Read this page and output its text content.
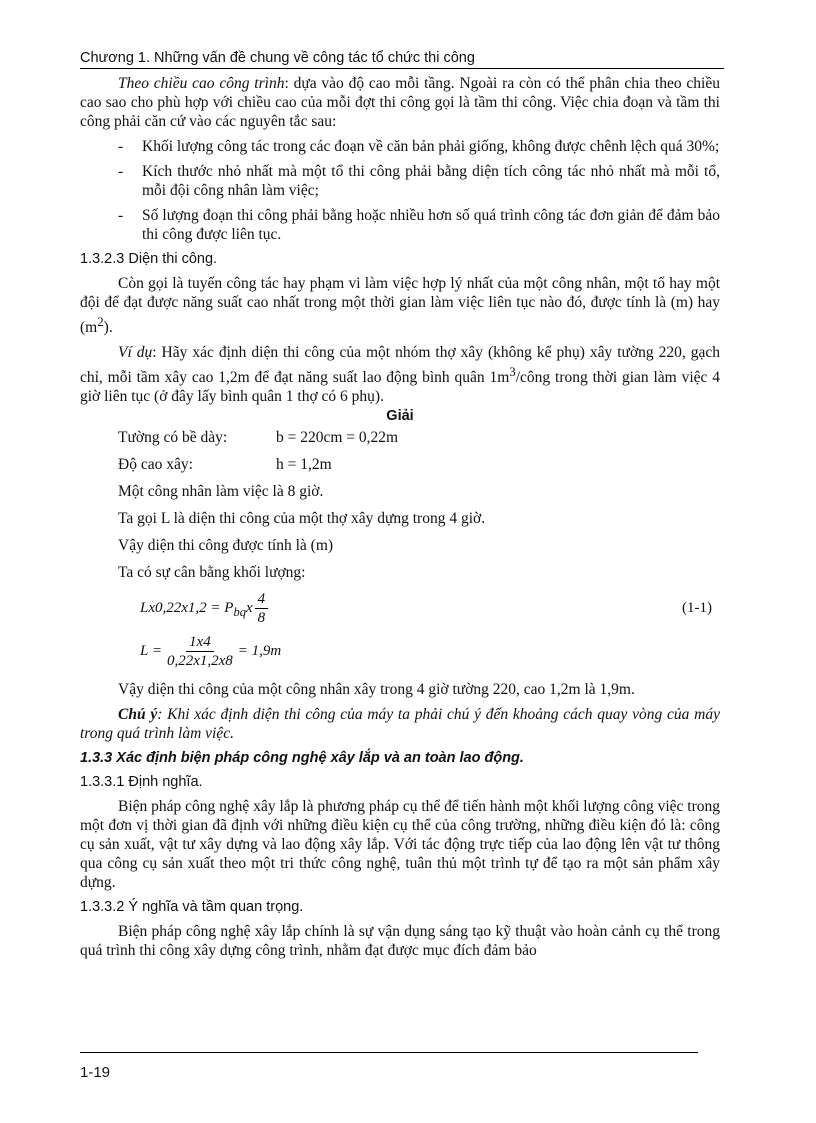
Chương 1. Những vấn đề chung về công tác tổ chức thi công

Theo chiều cao công trình: dựa vào độ cao mỗi tầng. Ngoài ra còn có thể phân chia theo chiều cao sao cho phù hợp với chiều cao của mỗi đợt thi công gọi là tầm thi công. Việc chia đoạn và tầm thi công phải căn cứ vào các nguyên tắc sau:

-	Khối lượng công tác trong các đoạn về căn bản phải giống, không được chênh lệch quá 30%;
-	Kích thước nhỏ nhất mà một tổ thi công phải bằng diện tích công tác nhỏ nhất mà mỗi tổ, mỗi đội công nhân làm việc;
-	Số lượng đoạn thi công phải bằng hoặc nhiều hơn số quá trình công tác đơn giản để đảm bảo thi công được liên tục.
1.3.2.3 Diện thi công.

Còn gọi là tuyến công tác hay phạm vi làm việc hợp lý nhất của một công nhân, một tổ hay một đội để đạt được năng suất cao nhất trong một thời gian làm việc liên tục nào đó, được tính là (m) hay $(m^2)$.

Ví dụ: Hãy xác định diện thi công của một nhóm thợ xây (không kể phụ) xây tường 220, gạch chỉ, mỗi tầm xây cao 1,2m để đạt năng suất lao động bình quân $1m^3$/công trong thời gian làm việc 4 giờ liên tục (ở đây lấy bình quân 1 thợ có 6 phụ).

Giải
Tường có bề dày:	b = 220cm = 0,22m
Độ cao xây:	h = 1,2m
Một công nhân làm việc là 8 giờ.
Ta gọi L là diện thi công của một thợ xây dựng trong 4 giờ.
Vậy diện thi công được tính là (m)
Ta có sự cân bằng khối lượng:
$Lx0,22x1,2 = P_{bq}x \frac{4}{8}$	(1-1)
$L = \frac{1x4}{0,22x1,2x8} = 1,9m$
Vậy diện thi công của một công nhân xây trong 4 giờ tường 220, cao 1,2m là 1,9m.

Chú ý: Khi xác định diện thi công của máy ta phải chú ý đến khoảng cách quay vòng của máy trong quá trình làm việc.

1.3.3 Xác định biện pháp công nghệ xây lắp và an toàn lao động.
1.3.3.1 Định nghĩa.

Biện pháp công nghệ xây lắp là phương pháp cụ thể để tiến hành một khối lượng công việc trong một đơn vị thời gian đã định với những điều kiện cụ thể của công trường, những điều kiện đó là: công cụ sản xuất, vật tư xây dựng và lao động xây lắp. Với tác động trực tiếp của lao động lên vật tư thông qua công cụ sản xuất theo một tri thức công nghệ, tuân thủ một trình tự để tạo ra một sản phẩm xây dựng.

1.3.3.2 Ý nghĩa và tầm quan trọng.

Biện pháp công nghệ xây lắp chính là sự vận dụng sáng tạo kỹ thuật vào hoàn cảnh cụ thể trong quá trình thi công xây dựng công trình, nhằm đạt được mục đích đảm bảo

1-19
